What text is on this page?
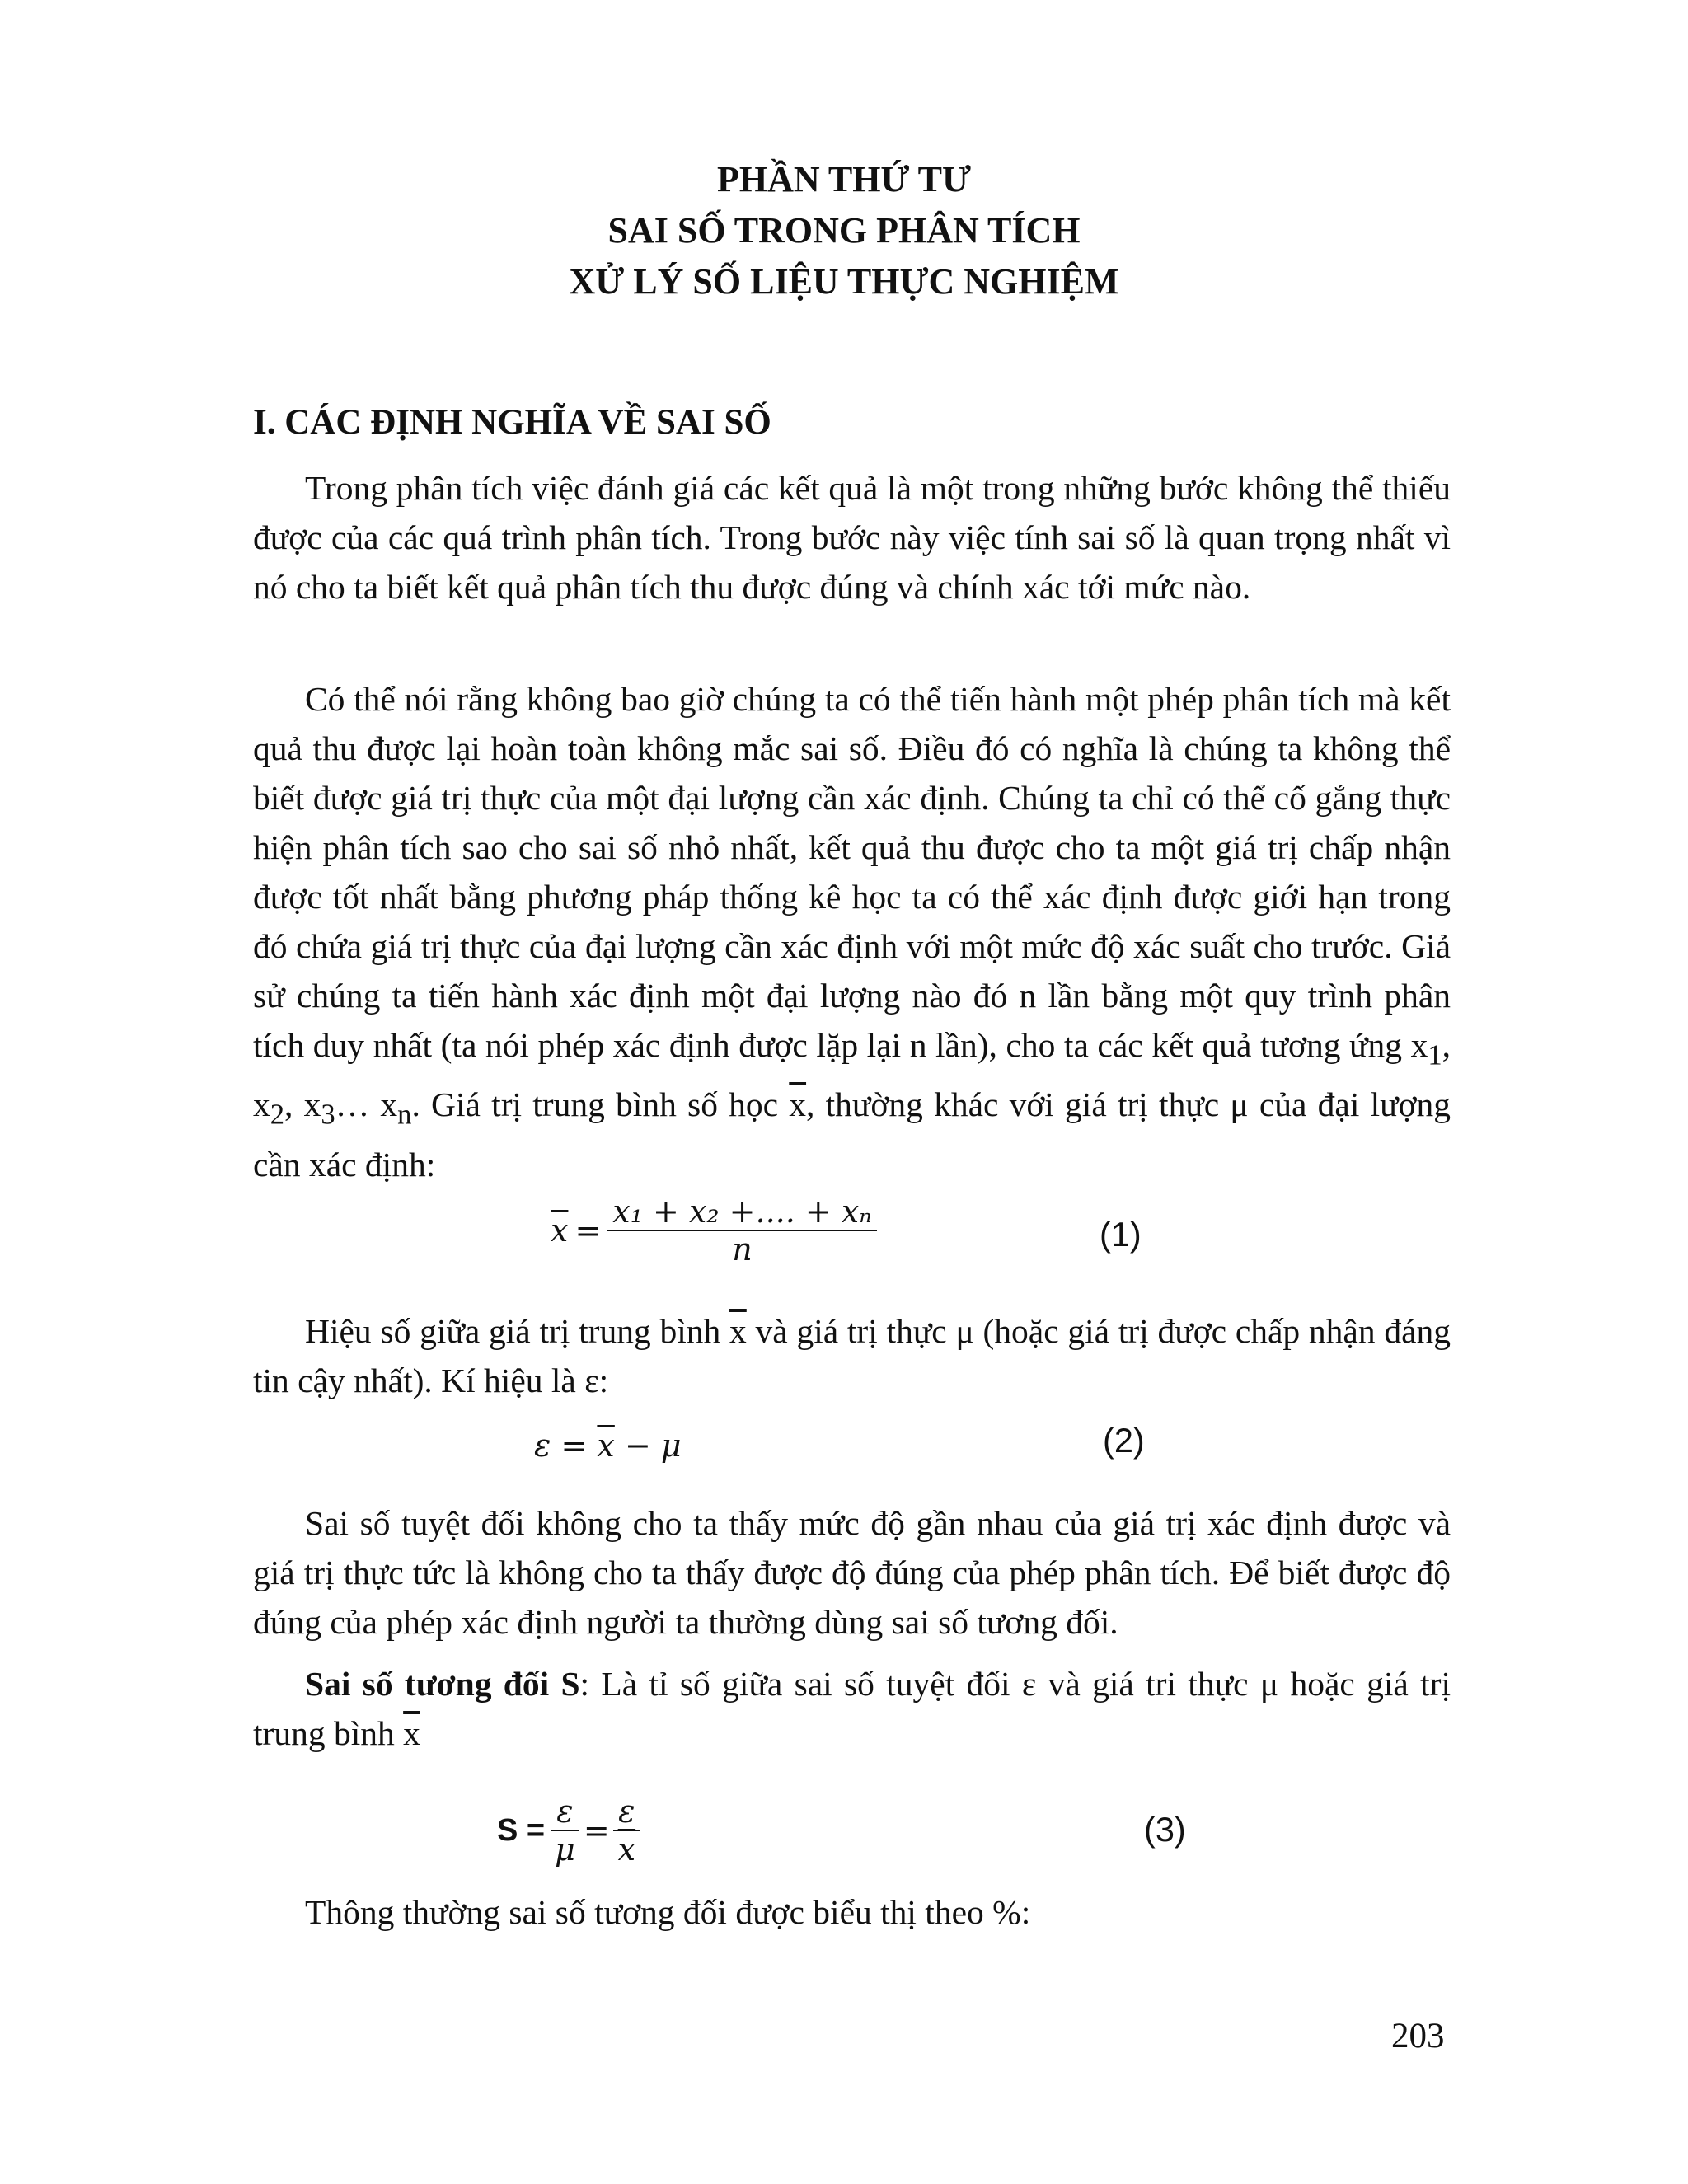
PHẦN THỨ TƯ
SAI SỐ TRONG PHÂN TÍCH
XỬ LÝ SỐ LIỆU THỰC NGHIỆM
I. CÁC ĐỊNH NGHĨA VỀ SAI SỐ

Trong phân tích việc đánh giá các kết quả là một trong những bước không thể thiếu được của các quá trình phân tích. Trong bước này việc tính sai số là quan trọng nhất vì nó cho ta biết kết quả phân tích thu được đúng và chính xác tới mức nào.

Có thể nói rằng không bao giờ chúng ta có thể tiến hành một phép phân tích mà kết quả thu được lại hoàn toàn không mắc sai số. Điều đó có nghĩa là chúng ta không thể biết được giá trị thực của một đại lượng cần xác định. Chúng ta chỉ có thể cố gắng thực hiện phân tích sao cho sai số nhỏ nhất, kết quả thu được cho ta một giá trị chấp nhận được tốt nhất bằng phương pháp thống kê học ta có thể xác định được giới hạn trong đó chứa giá trị thực của đại lượng cần xác định với một mức độ xác suất cho trước. Giả sử chúng ta tiến hành xác định một đại lượng nào đó n lần bằng một quy trình phân tích duy nhất (ta nói phép xác định được lặp lại n lần), cho ta các kết quả tương ứng $x_1$, $x_2$, $x_3\dots$ $x_n$. Giá trị trung bình số học $\overline{x}$, thường khác với giá trị thực μ của đại lượng cần xác định:

$\overline{x} = \frac{\text{x₁ + x₂ +.... + xₙ}}{n}$	(1)

Hiệu số giữa giá trị trung bình $\overline{x}$ và giá trị thực μ (hoặc giá trị được chấp nhận đáng tin cậy nhất). Kí hiệu là ε:

$\varepsilon = \overline{x} - \mu$	(2)

Sai số tuyệt đối không cho ta thấy mức độ gần nhau của giá trị xác định được và giá trị thực tức là không cho ta thấy được độ đúng của phép phân tích. Để biết được độ đúng của phép xác định người ta thường dùng sai số tương đối.

Sai số tương đối S: Là tỉ số giữa sai số tuyệt đối ε và giá tri thực μ hoặc giá trị trung bình $\overline{x}$

$S = \frac{\varepsilon}{\mu} = \frac{\varepsilon}{x}$	(3)

Thông thường sai số tương đối được biểu thị theo %:

203
